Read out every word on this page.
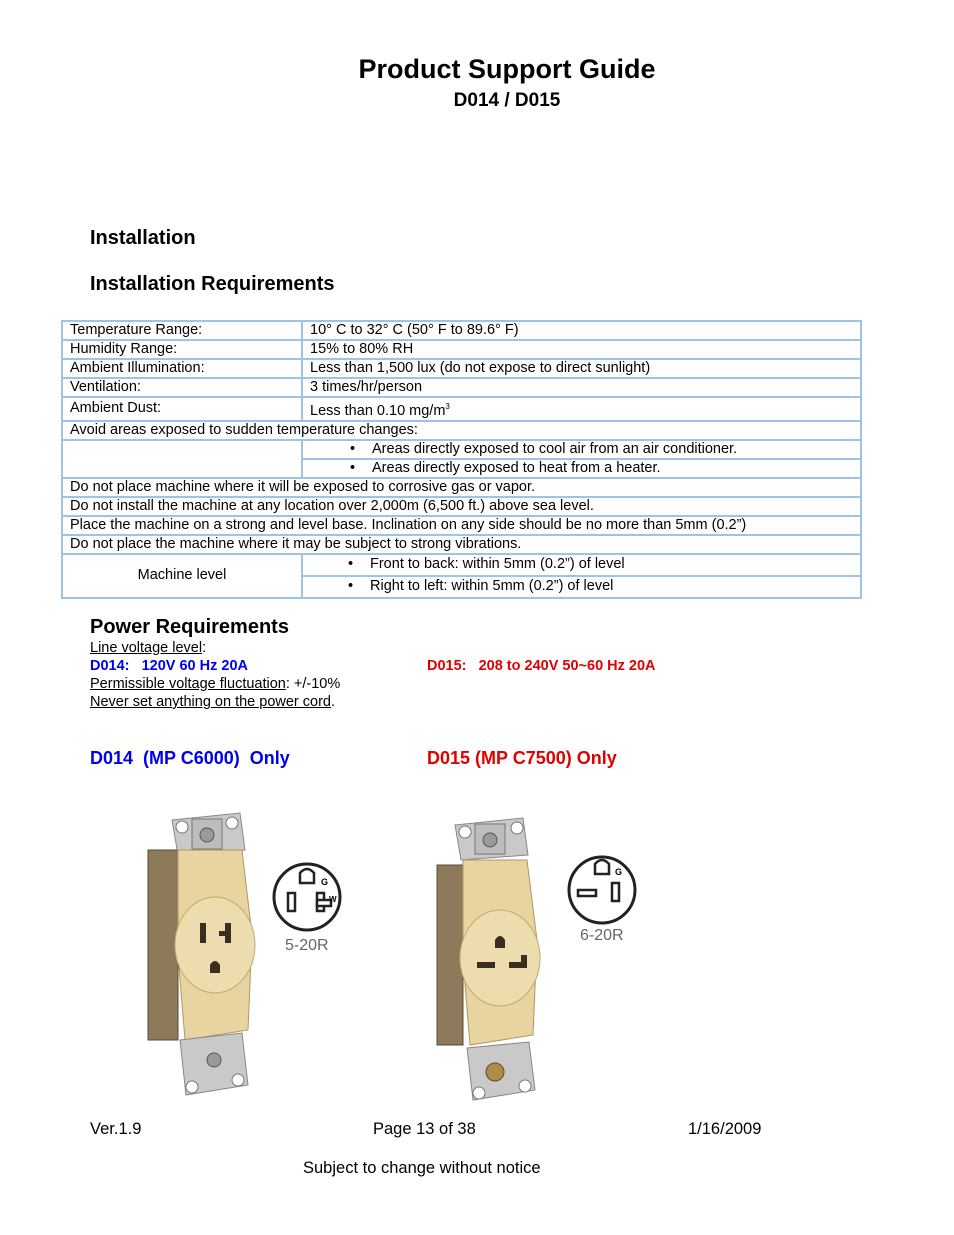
Product Support Guide
D014 / D015
Installation
Installation Requirements
Temperature Range:	10° C to 32° C (50° F to 89.6° F)
Humidity Range:	15% to 80% RH
Ambient Illumination:	Less than 1,500 lux (do not expose to direct sunlight)
Ventilation:	3 times/hr/person
Ambient Dust:	Less than 0.10 $mg/m^3$
Avoid areas exposed to sudden temperature changes:	
	• Areas directly exposed to cool air from an air conditioner.
	• Areas directly exposed to heat from a heater.
Do not place machine where it will be exposed to corrosive gas or vapor.	
Do not install the machine at any location over 2,000m (6,500 ft.) above sea level.	
Place the machine on a strong and level base. Inclination on any side should be no more than 5mm (0.2”)	
Do not place the machine where it may be subject to strong vibrations.	
Machine level	• Front to back: within 5mm (0.2”) of level
	• Right to left: within 5mm (0.2”) of level
Power Requirements
Line voltage level:
D014:   120V 60 Hz 20A	D015:   208 to 240V 50~60 Hz 20A
Permissible voltage fluctuation: +/-10%
Never set anything on the power cord.
D014  (MP C6000)  Only	D015 (MP C7500) Only
G
W
5-20R
G
6-20R
Ver.1.9	Page 13 of 38	1/16/2009
Subject to change without notice
